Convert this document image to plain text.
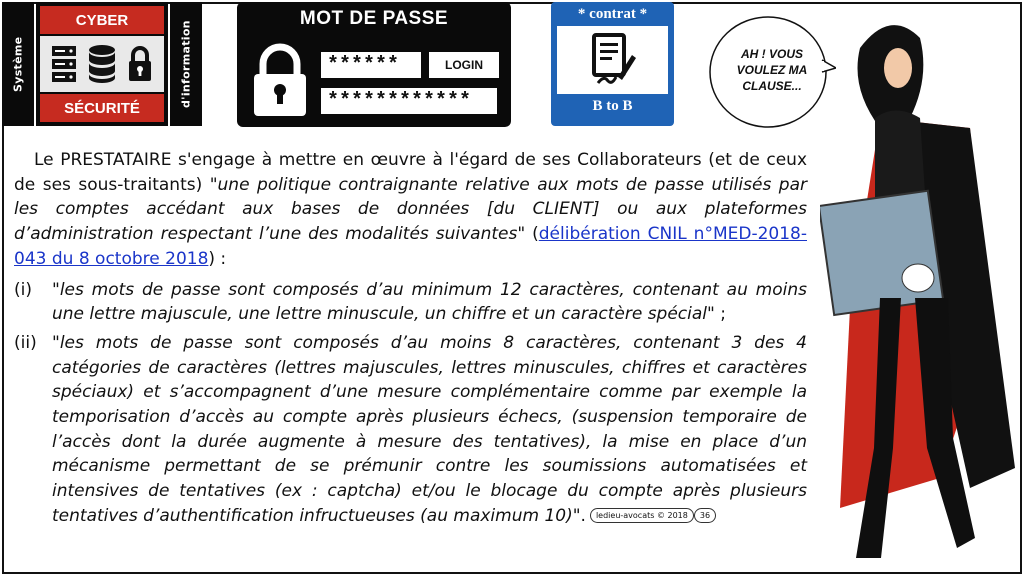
Système
CYBER
SÉCURITÉ
d'information
MOT DE PASSE
******	LOGIN
************
* contrat *
B to B
AH ! VOUS
VOULEZ MA
CLAUSE...

Le PRESTATAIRE s'engage à mettre en œuvre à l'égard de ses Collaborateurs (et de ceux de ses sous-traitants) "une politique contraignante relative aux mots de passe utilisés par les comptes accédant aux bases de données [du CLIENT] ou aux plateformes d’administration respectant l’une des modalités suivantes" (délibération CNIL n°MED-2018-043 du 8 octobre 2018) :

(i)	"les mots de passe sont composés d’au minimum 12 caractères, contenant au moins une lettre majuscule, une lettre minuscule, un chiffre et un caractère spécial" ;

(ii) "les mots de passe sont composés d’au moins 8 caractères, contenant 3 des 4 catégories de caractères (lettres majuscules, lettres minuscules, chiffres et caractères spéciaux) et s’accompagnent d’une mesure complémentaire comme par exemple la temporisation d’accès au compte après plusieurs échecs, (suspension temporaire de l’accès dont la durée augmente à mesure des tentatives), la mise en place d’un mécanisme permettant de se prémunir contre les soumissions automatisées et intensives de tentatives (ex : captcha) et/ou le blocage du compte après plusieurs tentatives d’authentification infructueuses (au maximum 10)". ledieu-avocats © 2018 36
